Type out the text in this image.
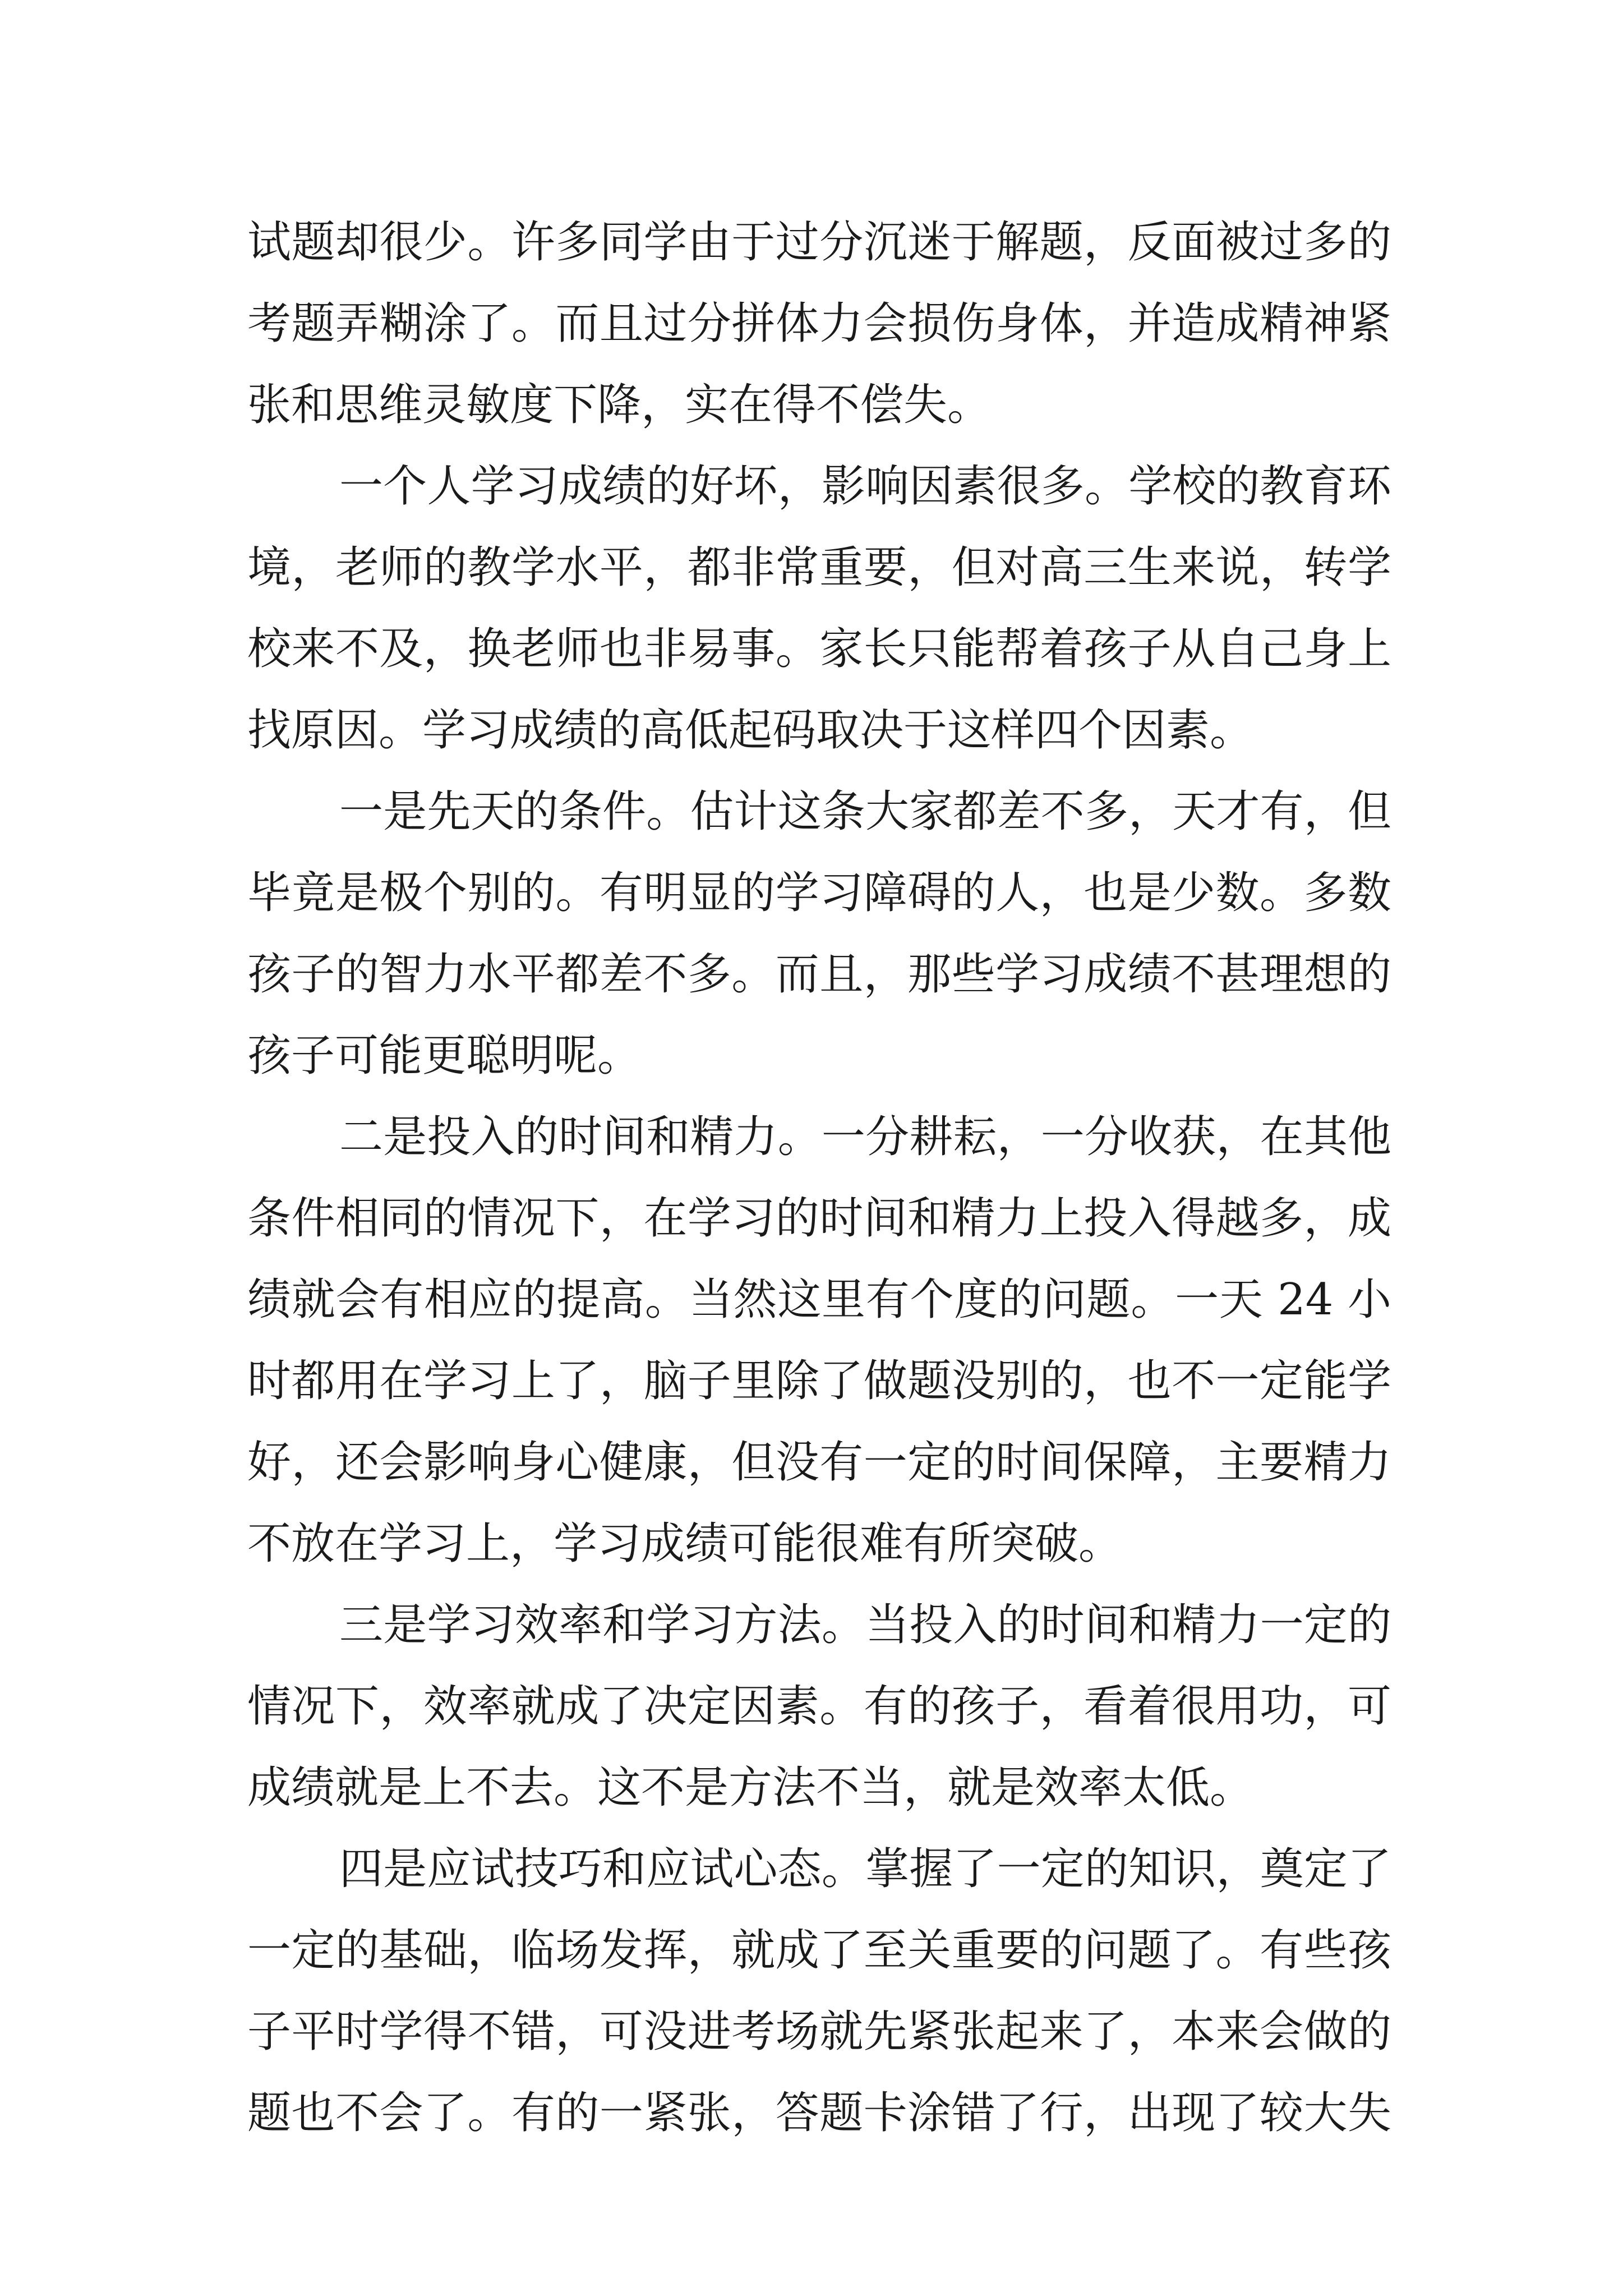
试题却很少。许多同学由于过分沉迷于解题，反面被过多的
考题弄糊涂了。而且过分拼体力会损伤身体，并造成精神紧
张和思维灵敏度下降，实在得不偿失。
一个人学习成绩的好坏，影响因素很多。学校的教育环
境，老师的教学水平，都非常重要，但对高三生来说，转学
校来不及，换老师也非易事。家长只能帮着孩子从自己身上
找原因。学习成绩的高低起码取决于这样四个因素。
一是先天的条件。估计这条大家都差不多，天才有，但
毕竟是极个别的。有明显的学习障碍的人，也是少数。多数
孩子的智力水平都差不多。而且，那些学习成绩不甚理想的
孩子可能更聪明呢。
二是投入的时间和精力。一分耕耘，一分收获，在其他
条件相同的情况下，在学习的时间和精力上投入得越多，成
绩就会有相应的提高。当然这里有个度的问题。一天 24 小
时都用在学习上了，脑子里除了做题没别的，也不一定能学
好，还会影响身心健康，但没有一定的时间保障，主要精力
不放在学习上，学习成绩可能很难有所突破。
三是学习效率和学习方法。当投入的时间和精力一定的
情况下，效率就成了决定因素。有的孩子，看着很用功，可
成绩就是上不去。这不是方法不当，就是效率太低。
四是应试技巧和应试心态。掌握了一定的知识，奠定了
一定的基础，临场发挥，就成了至关重要的问题了。有些孩
子平时学得不错，可没进考场就先紧张起来了，本来会做的
题也不会了。有的一紧张，答题卡涂错了行，出现了较大失
